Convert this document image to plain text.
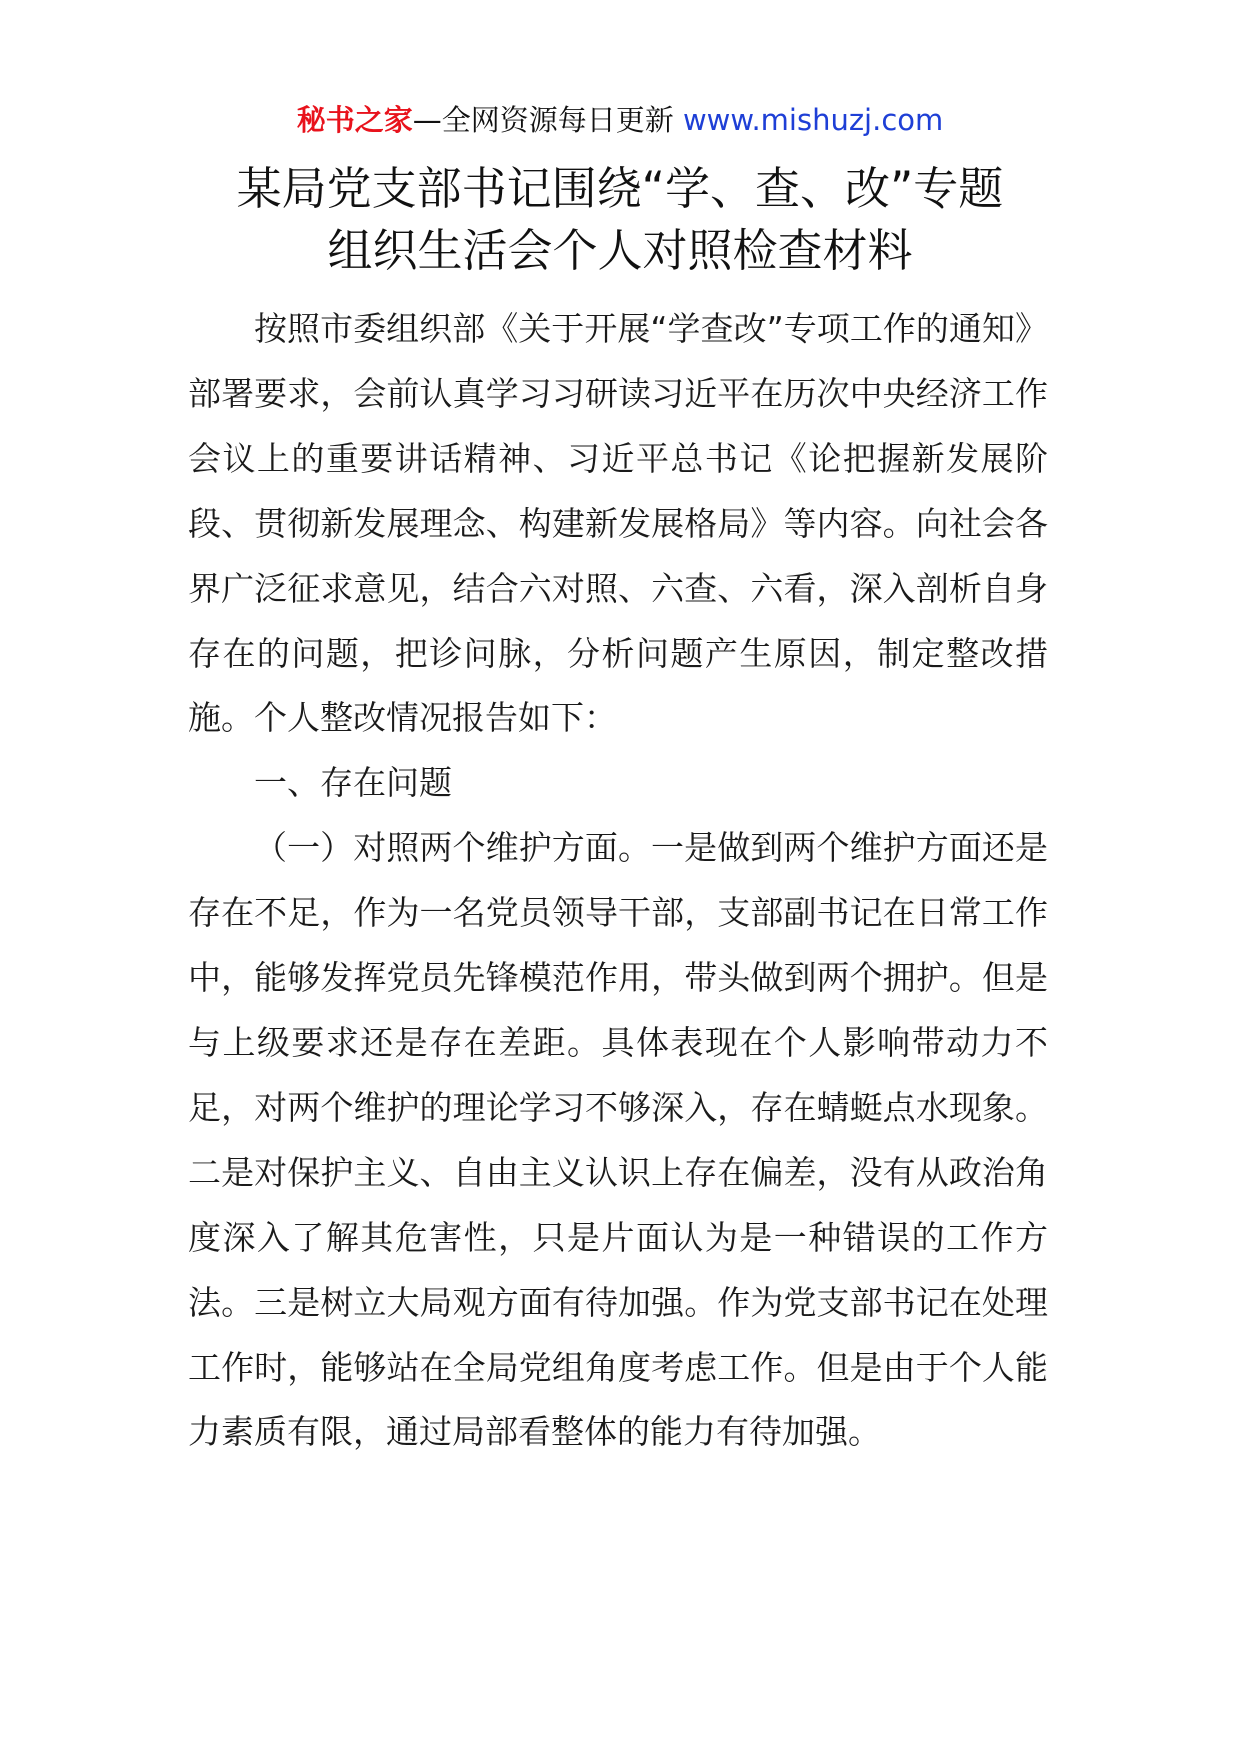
秘书之家—全网资源每日更新 www.mishuzj.com
某局党支部书记围绕“学、查、改”专题
组织生活会个人对照检查材料

按照市委组织部《关于开展“学查改”专项工作的通知》部署要求，会前认真学习习研读习近平在历次中央经济工作会议上的重要讲话精神、习近平总书记《论把握新发展阶段、贯彻新发展理念、构建新发展格局》等内容。向社会各界广泛征求意见，结合六对照、六查、六看，深入剖析自身存在的问题，把诊问脉，分析问题产生原因，制定整改措施。个人整改情况报告如下：

一、存在问题

（一）对照两个维护方面。一是做到两个维护方面还是存在不足，作为一名党员领导干部，支部副书记在日常工作中，能够发挥党员先锋模范作用，带头做到两个拥护。但是与上级要求还是存在差距。具体表现在个人影响带动力不足，对两个维护的理论学习不够深入，存在蜻蜓点水现象。二是对保护主义、自由主义认识上存在偏差，没有从政治角度深入了解其危害性，只是片面认为是一种错误的工作方法。三是树立大局观方面有待加强。作为党支部书记在处理工作时，能够站在全局党组角度考虑工作。但是由于个人能力素质有限，通过局部看整体的能力有待加强。
